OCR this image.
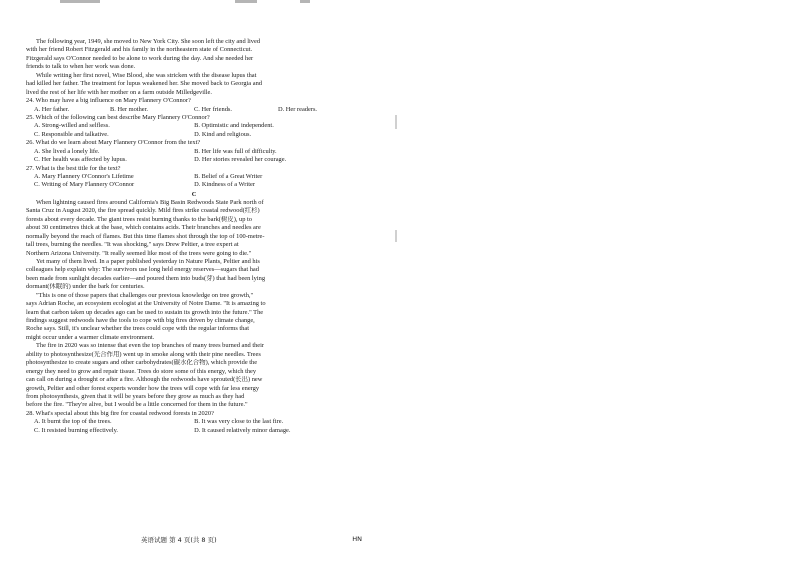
The following year, 1949, she moved to New York City. She soon left the city and lived
with her friend Robert Fitzgerald and his family in the northeastern state of Connecticut.
Fitzgerald says O'Connor needed to be alone to work during the day. And she needed her
friends to talk to when her work was done.
While writing her first novel, Wise Blood, she was stricken with the disease lupus that
had killed her father. The treatment for lupus weakened her. She moved back to Georgia and
lived the rest of her life with her mother on a farm outside Milledgeville.
24. Who may have a big influence on Mary Flannery O'Connor?
A. Her father.	B. Her mother.	C. Her friends.	D. Her readers.
25. Which of the following can best describe Mary Flannery O'Connor?
A. Strong-willed and selfless.	B. Optimistic and independent.
C. Responsible and talkative.	D. Kind and religious.
26. What do we learn about Mary Flannery O'Connor from the text?
A. She lived a lonely life.	B. Her life was full of difficulty.
C. Her health was affected by lupus.	D. Her stories revealed her courage.
27. What is the best title for the text?
A. Mary Flannery O'Connor's Lifetime	B. Belief of a Great Writer
C. Writing of Mary Flannery O'Connor	D. Kindness of a Writer
C
When lightning caused fires around California's Big Basin Redwoods State Park north of
Santa Cruz in August 2020, the fire spread quickly. Mild fires strike coastal redwood(红杉)
forests about every decade. The giant trees resist burning thanks to the bark(树皮), up to
about 30 centimetres thick at the base, which contains acids. Their branches and needles are
normally beyond the reach of flames. But this time flames shot through the top of 100-metre-
tall trees, burning the needles. "It was shocking," says Drew Peltier, a tree expert at
Northern Arizona University. "It really seemed like most of the trees were going to die."
Yet many of them lived. In a paper published yesterday in Nature Plants, Peltier and his
colleagues help explain why: The survivors use long held energy reserves—sugars that had
been made from sunlight decades earlier—and poured them into buds(芽) that had been lying
dormant(休眠的) under the bark for centuries.
"This is one of those papers that challenges our previous knowledge on tree growth,"
says Adrian Roche, an ecosystem ecologist at the University of Notre Dame. "It is amazing to
learn that carbon taken up decades ago can be used to sustain its growth into the future." The
findings suggest redwoods have the tools to cope with big fires driven by climate change,
Roche says. Still, it's unclear whether the trees could cope with the regular informs that
might occur under a warmer climate environment.
The fire in 2020 was so intense that even the top branches of many trees burned and their
ability to photosynthesize(光合作用) went up in smoke along with their pine needles. Trees
photosynthesize to create sugars and other carbohydrates(碳水化合物), which provide the
energy they need to grow and repair tissue. Trees do store some of this energy, which they
can call on during a drought or after a fire. Although the redwoods have sprouted(长出) new
growth, Peltier and other forest experts wonder how the trees will cope with far less energy
from photosynthesis, given that it will be years before they grow as much as they had
before the fire. "They're alive, but I would be a little concerned for them in the future."
28. What's special about this big fire for coastal redwood forests in 2020?
A. It burnt the top of the trees.	B. It was very close to the last fire.
C. It resisted burning effectively.	D. It caused relatively minor damage.
英语试题 第 4 页(共 8 页)	HN
